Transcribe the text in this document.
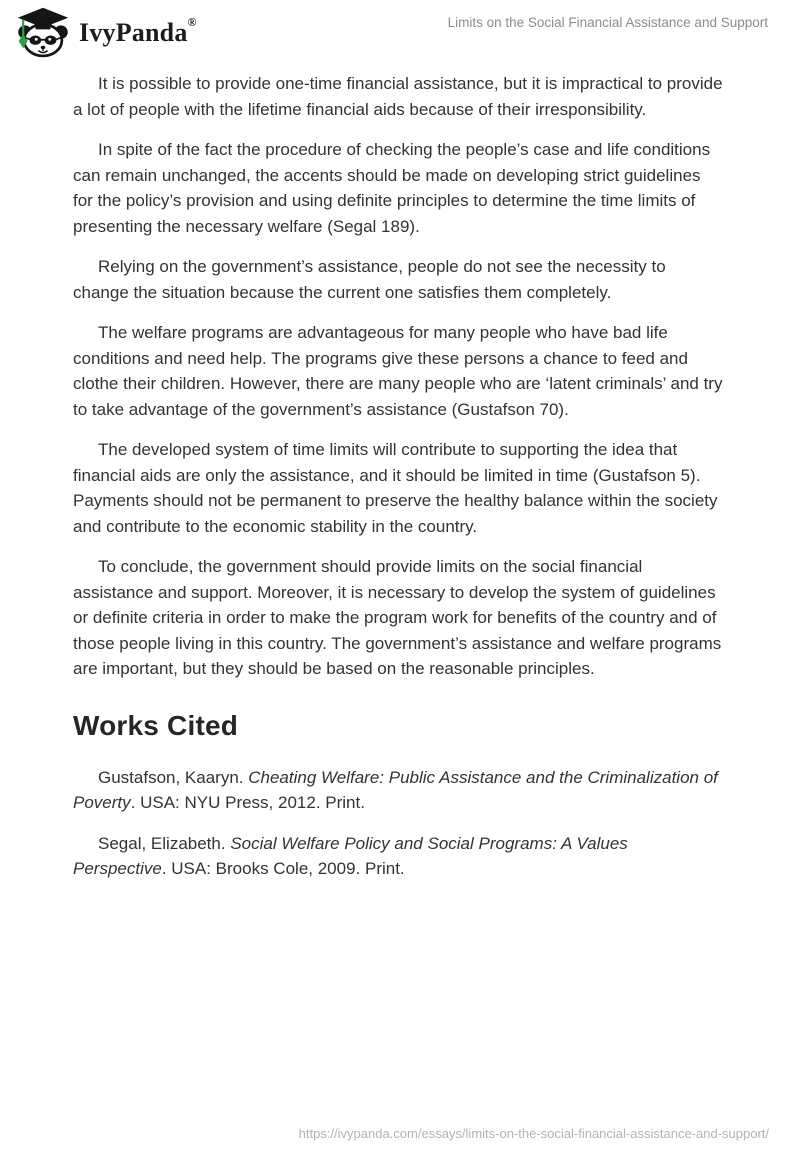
IvyPanda®	Limits on the Social Financial Assistance and Support

It is possible to provide one-time financial assistance, but it is impractical to provide a lot of people with the lifetime financial aids because of their irresponsibility.

In spite of the fact the procedure of checking the people’s case and life conditions can remain unchanged, the accents should be made on developing strict guidelines for the policy’s provision and using definite principles to determine the time limits of presenting the necessary welfare (Segal 189).

Relying on the government’s assistance, people do not see the necessity to change the situation because the current one satisfies them completely.

The welfare programs are advantageous for many people who have bad life conditions and need help. The programs give these persons a chance to feed and clothe their children. However, there are many people who are ‘latent criminals’ and try to take advantage of the government’s assistance (Gustafson 70).

The developed system of time limits will contribute to supporting the idea that financial aids are only the assistance, and it should be limited in time (Gustafson 5). Payments should not be permanent to preserve the healthy balance within the society and contribute to the economic stability in the country.

To conclude, the government should provide limits on the social financial assistance and support. Moreover, it is necessary to develop the system of guidelines or definite criteria in order to make the program work for benefits of the country and of those people living in this country. The government’s assistance and welfare programs are important, but they should be based on the reasonable principles.

Works Cited

Gustafson, Kaaryn. Cheating Welfare: Public Assistance and the Criminalization of Poverty. USA: NYU Press, 2012. Print.

Segal, Elizabeth. Social Welfare Policy and Social Programs: A Values Perspective. USA: Brooks Cole, 2009. Print.

https://ivypanda.com/essays/limits-on-the-social-financial-assistance-and-support/
